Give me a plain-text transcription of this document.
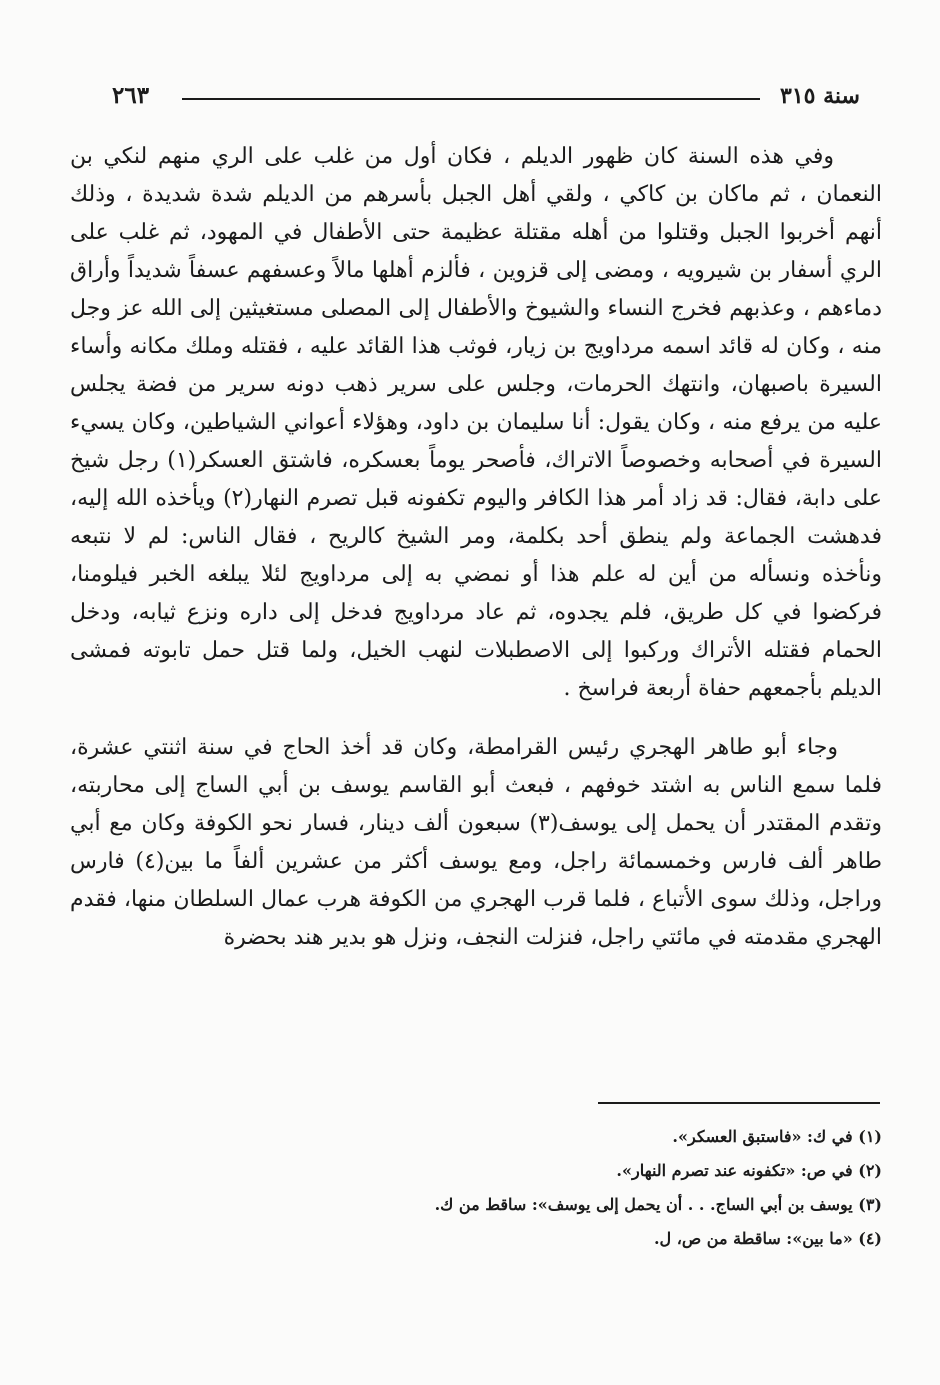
سنة ٣١٥
٢٦٣

وفي هذه السنة كان ظهور الديلم ، فكان أول من غلب على الري منهم لنكي بن النعمان ، ثم ماكان بن كاكي ، ولقي أهل الجبل بأسرهم من الديلم شدة شديدة ، وذلك أنهم أخربوا الجبل وقتلوا من أهله مقتلة عظيمة حتى الأطفال في المهود، ثم غلب على الري أسفار بن شيرويه ، ومضى إلى قزوين ، فألزم أهلها مالاً وعسفهم عسفاً شديداً وأراق دماءهم ، وعذبهم فخرج النساء والشيوخ والأطفال إلى المصلى مستغيثين إلى الله عز وجل منه ، وكان له قائد اسمه مرداويج بن زيار، فوثب هذا القائد عليه ، فقتله وملك مكانه وأساء السيرة باصبهان، وانتهك الحرمات، وجلس على سرير ذهب دونه سرير من فضة يجلس عليه من يرفع منه ، وكان يقول: أنا سليمان بن داود، وهؤلاء أعواني الشياطين، وكان يسيء السيرة في أصحابه وخصوصاً الاتراك، فأصحر يوماً بعسكره، فاشتق العسكر(١) رجل شيخ على دابة، فقال: قد زاد أمر هذا الكافر واليوم تكفونه قبل تصرم النهار(٢) ويأخذه الله إليه، فدهشت الجماعة ولم ينطق أحد بكلمة، ومر الشيخ كالريح ، فقال الناس: لم لا نتبعه ونأخذه ونسأله من أين له علم هذا أو نمضي به إلى مرداويج لئلا يبلغه الخبر فيلومنا، فركضوا في كل طريق، فلم يجدوه، ثم عاد مرداويج فدخل إلى داره ونزع ثيابه، ودخل الحمام فقتله الأتراك وركبوا إلى الاصطبلات لنهب الخيل، ولما قتل حمل تابوته فمشى الديلم بأجمعهم حفاة أربعة فراسخ .

وجاء أبو طاهر الهجري رئيس القرامطة، وكان قد أخذ الحاج في سنة اثنتي عشرة، فلما سمع الناس به اشتد خوفهم ، فبعث أبو القاسم يوسف بن أبي الساج إلى محاربته، وتقدم المقتدر أن يحمل إلى يوسف(٣) سبعون ألف دينار، فسار نحو الكوفة وكان مع أبي طاهر ألف فارس وخمسمائة راجل، ومع يوسف أكثر من عشرين ألفاً ما بين(٤) فارس وراجل، وذلك سوى الأتباع ، فلما قرب الهجري من الكوفة هرب عمال السلطان منها، فقدم الهجري مقدمته في مائتي راجل، فنزلت النجف، ونزل هو بدير هند بحضرة

(١) في ك: «فاستبق العسكر».
(٢) في ص: «تكفونه عند تصرم النهار».
(٣) يوسف بن أبي الساج. . . أن يحمل إلى يوسف»: ساقط من ك.
(٤) «ما بين»: ساقطة من ص، ل.
